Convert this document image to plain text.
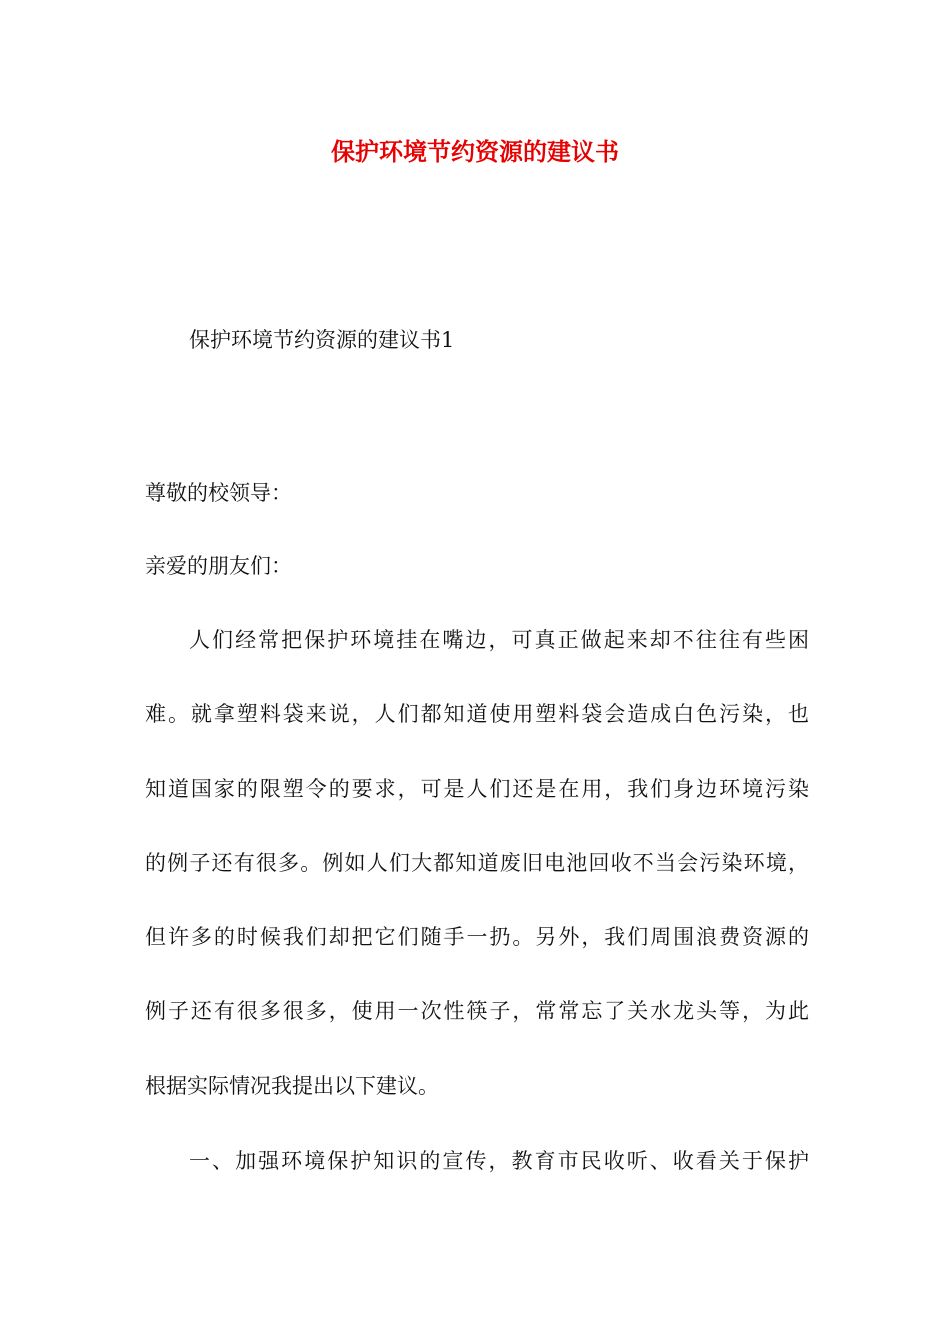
保护环境节约资源的建议书

保护环境节约资源的建议书1

尊敬的校领导：

亲爱的朋友们：

人们经常把保护环境挂在嘴边，可真正做起来却不往往有些困
难。就拿塑料袋来说，人们都知道使用塑料袋会造成白色污染，也
知道国家的限塑令的要求，可是人们还是在用，我们身边环境污染
的例子还有很多。例如人们大都知道废旧电池回收不当会污染环境，
但许多的时候我们却把它们随手一扔。另外，我们周围浪费资源的
例子还有很多很多，使用一次性筷子，常常忘了关水龙头等，为此
根据实际情况我提出以下建议。
一、加强环境保护知识的宣传，教育市民收听、收看关于保护
